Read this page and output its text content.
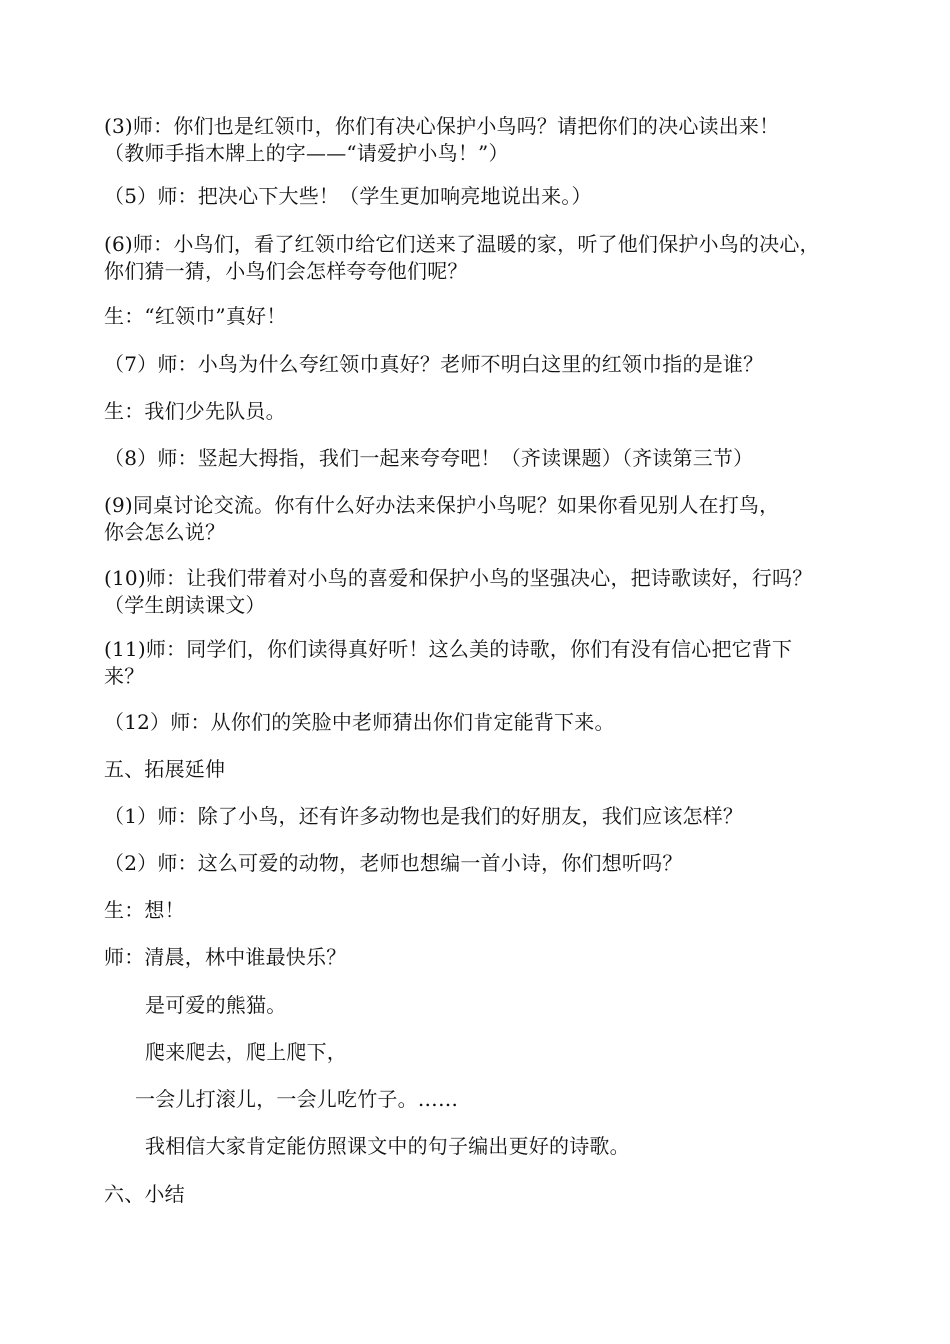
(3)师：你们也是红领巾，你们有决心保护小鸟吗？请把你们的决心读出来！
（教师手指木牌上的字——“请爱护小鸟！”）
（5）师：把决心下大些！（学生更加响亮地说出来。）
(6)师：小鸟们，看了红领巾给它们送来了温暖的家，听了他们保护小鸟的决心，
你们猜一猜，小鸟们会怎样夸夸他们呢？
生：“红领巾”真好！
（7）师：小鸟为什么夸红领巾真好？老师不明白这里的红领巾指的是谁？
生：我们少先队员。
（8）师：竖起大拇指，我们一起来夸夸吧！（齐读课题）（齐读第三节）
(9)同桌讨论交流。你有什么好办法来保护小鸟呢？如果你看见别人在打鸟，
你会怎么说？
(10)师：让我们带着对小鸟的喜爱和保护小鸟的坚强决心，把诗歌读好，行吗？
（学生朗读课文）
(11)师：同学们，你们读得真好听！这么美的诗歌，你们有没有信心把它背下
来？
（12）师：从你们的笑脸中老师猜出你们肯定能背下来。
五、拓展延伸
（1）师：除了小鸟，还有许多动物也是我们的好朋友，我们应该怎样？
（2）师：这么可爱的动物，老师也想编一首小诗，你们想听吗？
生：想！
师：清晨，林中谁最快乐？
是可爱的熊猫。
爬来爬去，爬上爬下，
一会儿打滚儿，一会儿吃竹子。……
我相信大家肯定能仿照课文中的句子编出更好的诗歌。
六、小结
